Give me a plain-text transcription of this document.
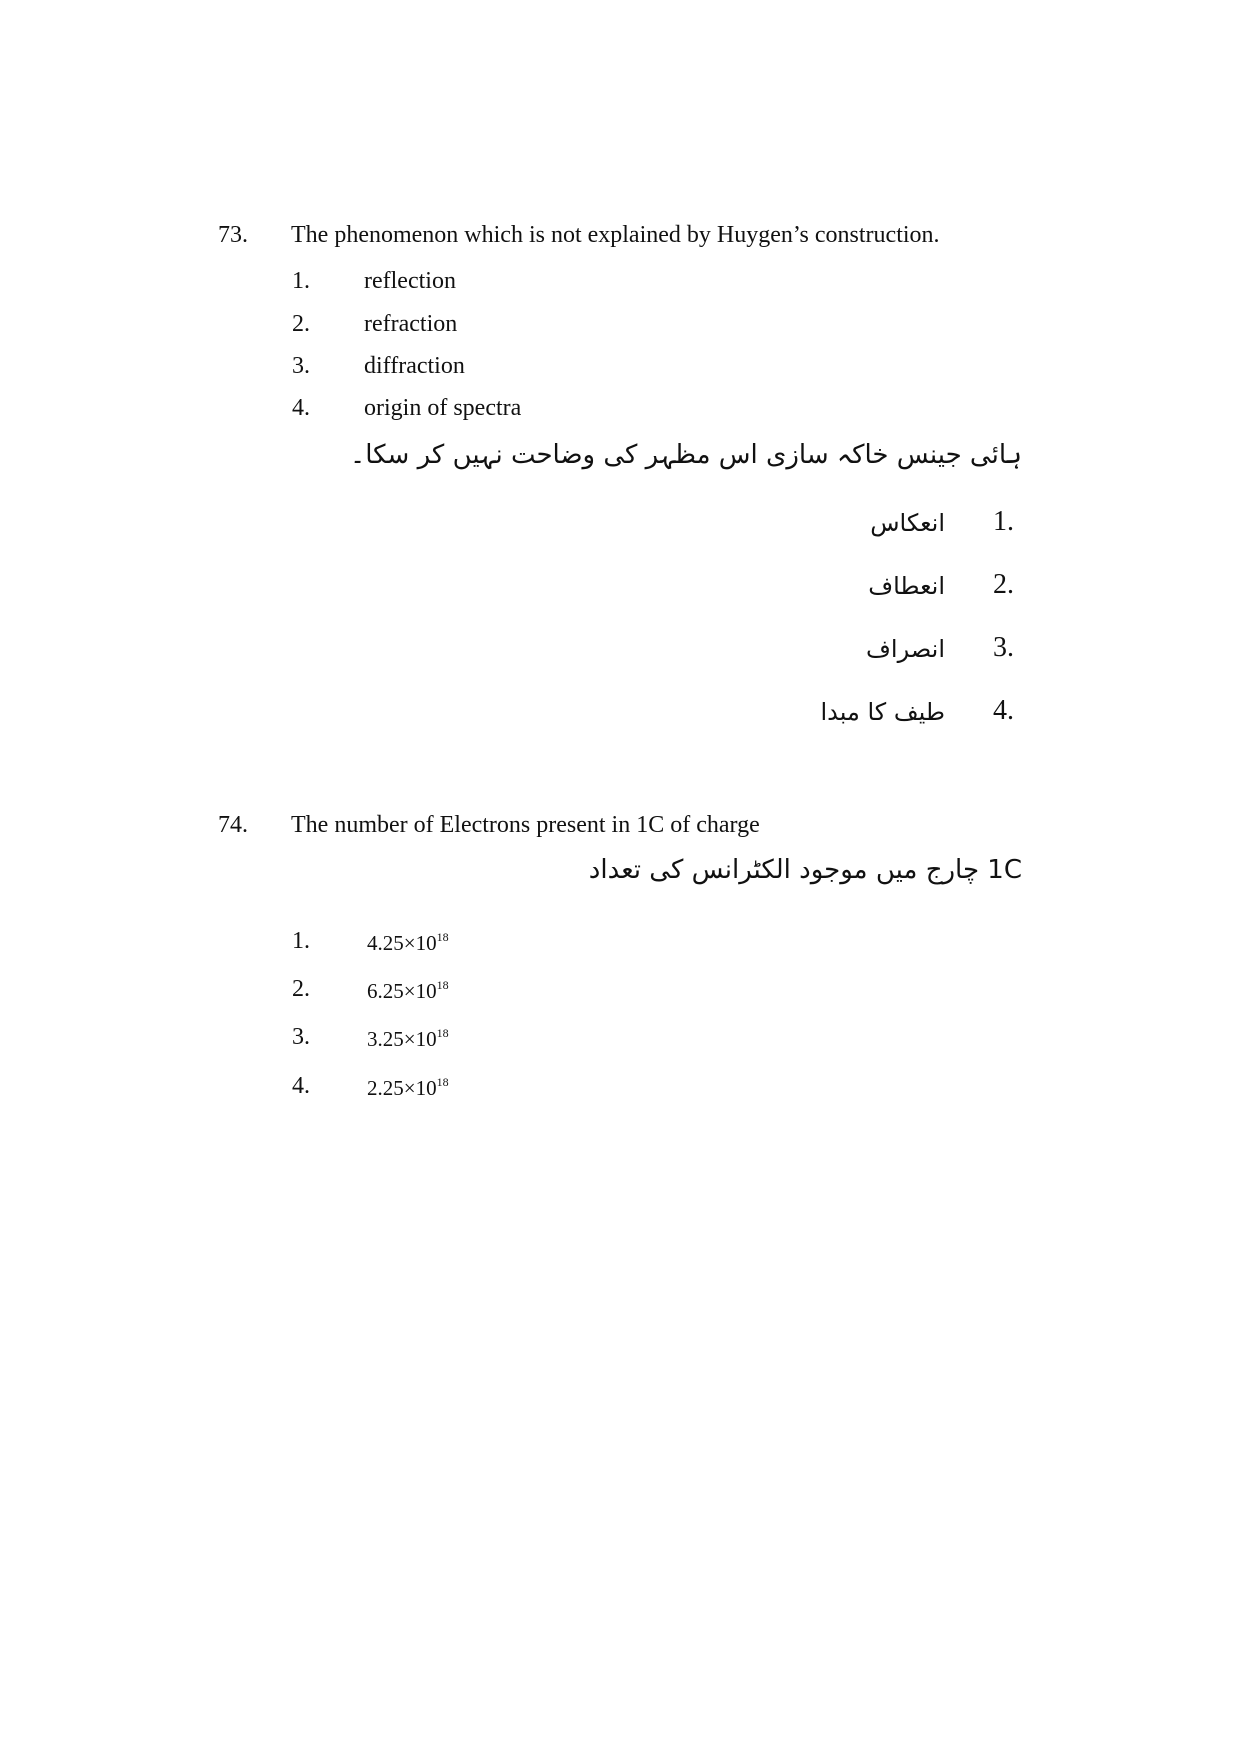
73. The phenomenon which is not explained by Huygen’s construction.
1. reflection
2. refraction
3. diffraction
4. origin of spectra
ہائی جینس خاکہ سازی اس مظہر کی وضاحت نہیں کر سکا۔
1.
انعکاس
2.
انعطاف
3.
انصراف
4.
طیف کا مبدا
74. The number of Electrons present in 1C of charge
1C چارج میں موجود الکٹرانس کی تعداد
1.	$4.25\times 10^{18}$
2.	$6.25\times 10^{18}$
3.	$3.25\times 10^{18}$
4.	$2.25\times 10^{18}$
